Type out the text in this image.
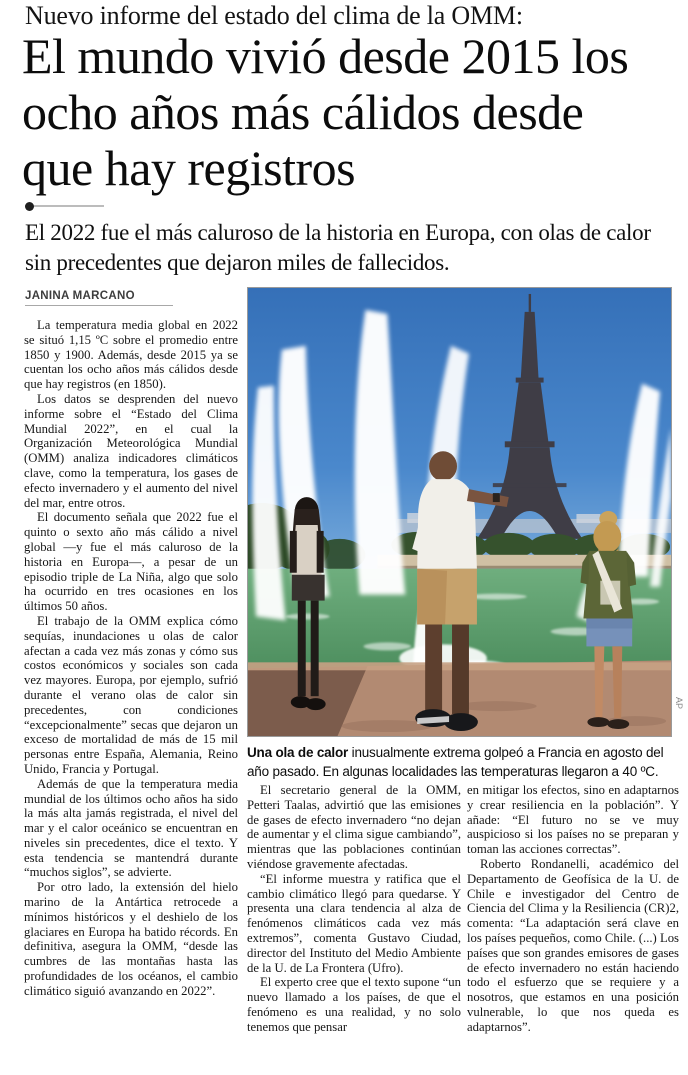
Nuevo informe del estado del clima de la OMM:
El mundo vivió desde 2015 los ocho años más cálidos desde que hay registros
El 2022 fue el más caluroso de la historia en Europa, con olas de calor sin precedentes que dejaron miles de fallecidos.
JANINA MARCANO

La temperatura media global en 2022 se situó 1,15 ºC sobre el promedio entre 1850 y 1900. Además, desde 2015 ya se cuentan los ocho años más cálidos desde que hay registros (en 1850).

Los datos se desprenden del nuevo informe sobre el “Estado del Clima Mundial 2022”, en el cual la Organización Meteorológica Mundial (OMM) analiza indicadores climáticos clave, como la temperatura, los gases de efecto invernadero y el aumento del nivel del mar, entre otros.

El documento señala que 2022 fue el quinto o sexto año más cálido a nivel global —y fue el más caluroso de la historia en Europa—, a pesar de un episodio triple de La Niña, algo que solo ha ocurrido en tres ocasiones en los últimos 50 años.

El trabajo de la OMM explica cómo sequías, inundaciones u olas de calor afectan a cada vez más zonas y cómo sus costos económicos y sociales son cada vez mayores. Europa, por ejemplo, sufrió durante el verano olas de calor sin precedentes, con condiciones “excepcionalmente” secas que dejaron un exceso de mortalidad de más de 15 mil personas entre España, Alemania, Reino Unido, Francia y Portugal.

Además de que la temperatura media mundial de los últimos ocho años ha sido la más alta jamás registrada, el nivel del mar y el calor oceánico se encuentran en niveles sin precedentes, dice el texto. Y esta tendencia se mantendrá durante “muchos siglos”, se advierte.

Por otro lado, la extensión del hielo marino de la Antártica retrocede a mínimos históricos y el deshielo de los glaciares en Europa ha batido récords. En definitiva, asegura la OMM, “desde las cumbres de las montañas hasta las profundidades de los océanos, el cambio climático siguió avanzando en 2022”.

AP
Una ola de calor inusualmente extrema golpeó a Francia en agosto del año pasado. En algunas localidades las temperaturas llegaron a 40 ºC.

El secretario general de la OMM, Petteri Taalas, advirtió que las emisiones de gases de efecto invernadero “no dejan de aumentar y el clima sigue cambiando”, mientras que las poblaciones continúan viéndose gravemente afectadas.

“El informe muestra y ratifica que el cambio climático llegó para quedarse. Y presenta una clara tendencia al alza de fenómenos climáticos cada vez más extremos”, comenta Gustavo Ciudad, director del Instituto del Medio Ambiente de la U. de La Frontera (Ufro).

El experto cree que el texto supone “un nuevo llamado a los países, de que el fenómeno es una realidad, y no solo tenemos que pensar

en mitigar los efectos, sino en adaptarnos y crear resiliencia en la población”. Y añade: “El futuro no se ve muy auspicioso si los países no se preparan y toman las acciones correctas”.

Roberto Rondanelli, académico del Departamento de Geofísica de la U. de Chile e investigador del Centro de Ciencia del Clima y la Resiliencia (CR)2, comenta: “La adaptación será clave en los países pequeños, como Chile. (...) Los países que son grandes emisores de gases de efecto invernadero no están haciendo todo el esfuerzo que se requiere y a nosotros, que estamos en una posición vulnerable, lo que nos queda es adaptarnos”.
